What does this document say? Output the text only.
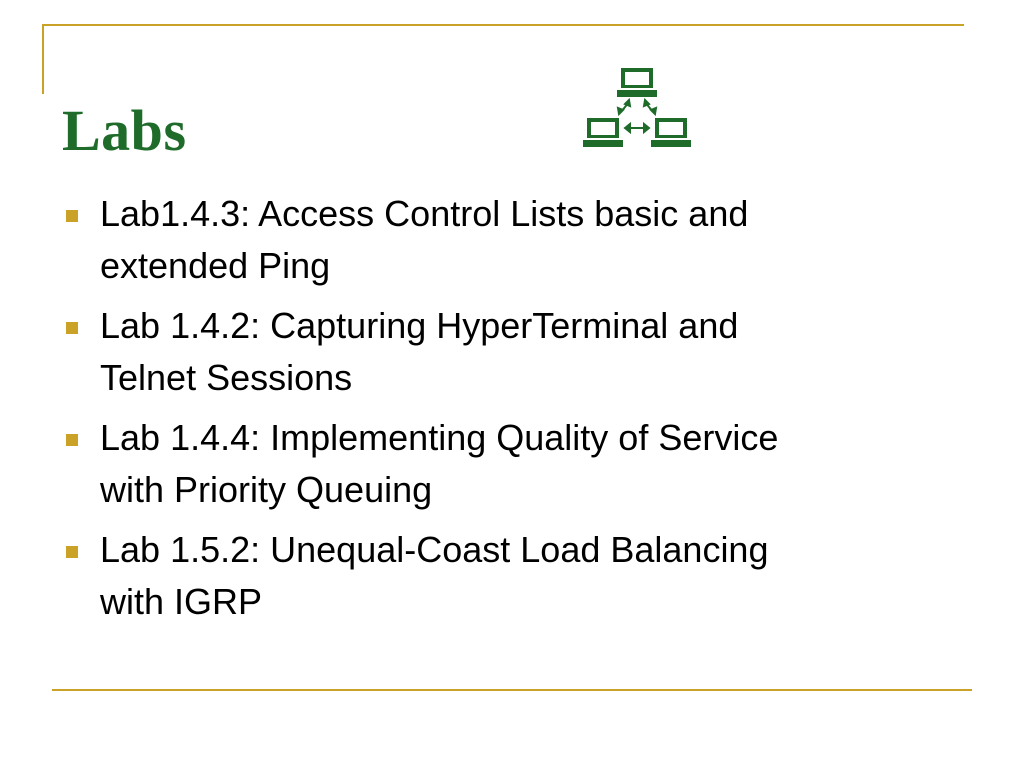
Labs
Lab1.4.3: Access Control Lists basic and
extended Ping
Lab 1.4.2: Capturing HyperTerminal and
Telnet Sessions
Lab 1.4.4: Implementing Quality of Service
with Priority Queuing
Lab 1.5.2: Unequal-Coast Load Balancing
with IGRP
